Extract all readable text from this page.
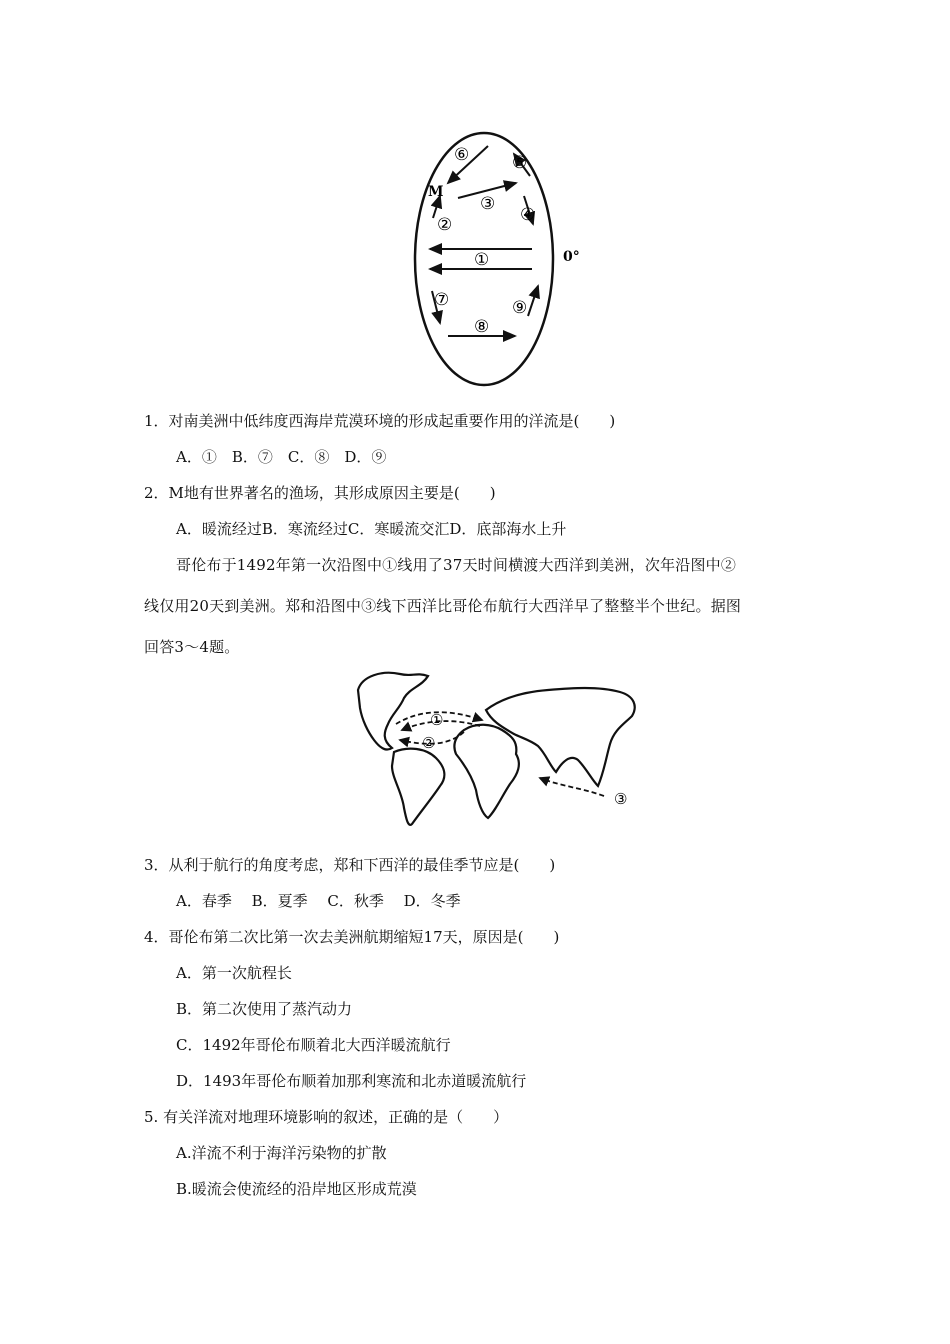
⑥	⑤
M
③
②	④
①	0°
⑦	⑨
⑧
1．对南美洲中低纬度西海岸荒漠环境的形成起重要作用的洋流是(　　)
A．①　B．⑦　C．⑧　D．⑨
2．M地有世界著名的渔场，其形成原因主要是(　　)
A．暖流经过B．寒流经过C．寒暖流交汇D．底部海水上升
哥伦布于1492年第一次沿图中①线用了37天时间横渡大西洋到美洲，次年沿图中②
线仅用20天到美洲。郑和沿图中③线下西洋比哥伦布航行大西洋早了整整半个世纪。据图
回答3～4题。
①
②
③
3．从利于航行的角度考虑，郑和下西洋的最佳季节应是(　　)
A．春季　 B．夏季　 C．秋季　 D．冬季
4．哥伦布第二次比第一次去美洲航期缩短17天，原因是(　　)
A．第一次航程长
B．第二次使用了蒸汽动力
C．1492年哥伦布顺着北大西洋暖流航行
D．1493年哥伦布顺着加那利寒流和北赤道暖流航行
5. 有关洋流对地理环境影响的叙述，正确的是（　　）
A.洋流不利于海洋污染物的扩散
B.暖流会使流经的沿岸地区形成荒漠
